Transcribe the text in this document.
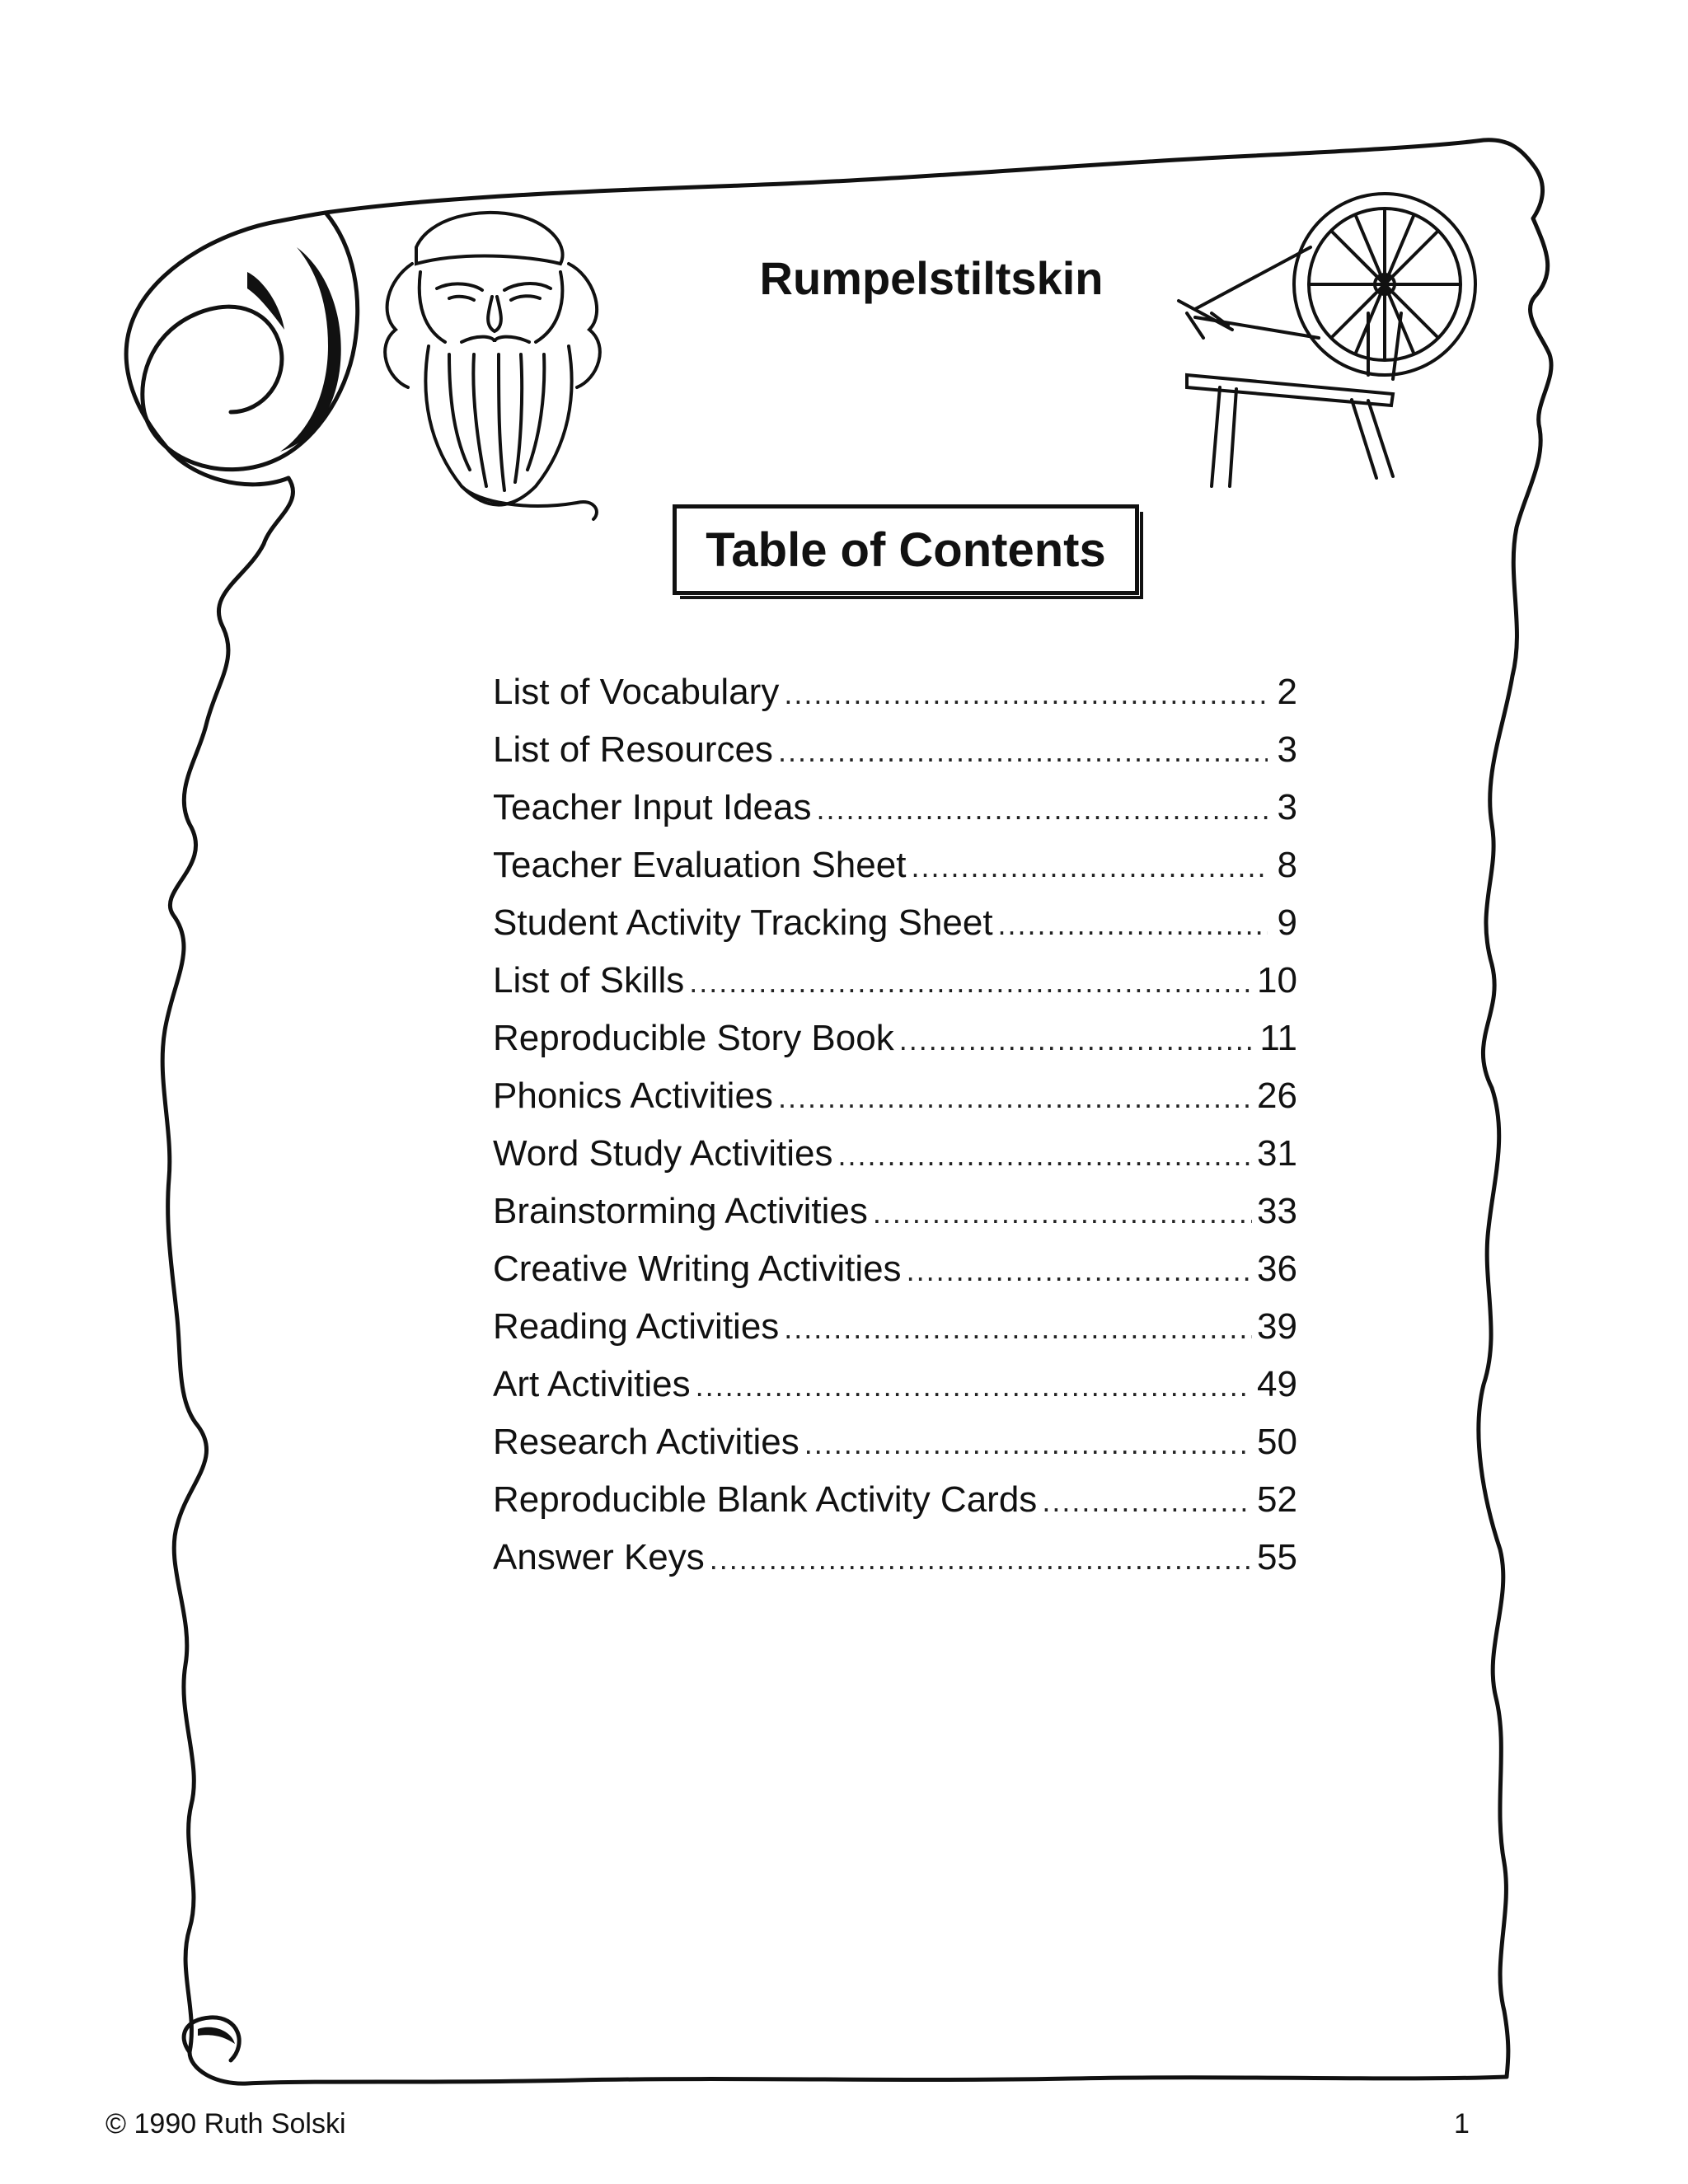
Rumpelstiltskin
Table of Contents
List of Vocabulary .....	2
List of Resources .....	3
Teacher Input Ideas .....	3
Teacher Evaluation Sheet .....	8
Student Activity Tracking Sheet .....	9
List of Skills .....	10
Reproducible Story Book .....	11
Phonics Activities .....	26
Word Study Activities .....	31
Brainstorming Activities .....	33
Creative Writing Activities .....	36
Reading Activities .....	39
Art Activities .....	49
Research Activities .....	50
Reproducible Blank Activity Cards .....	52
Answer Keys .....	55
© 1990 Ruth Solski	1
